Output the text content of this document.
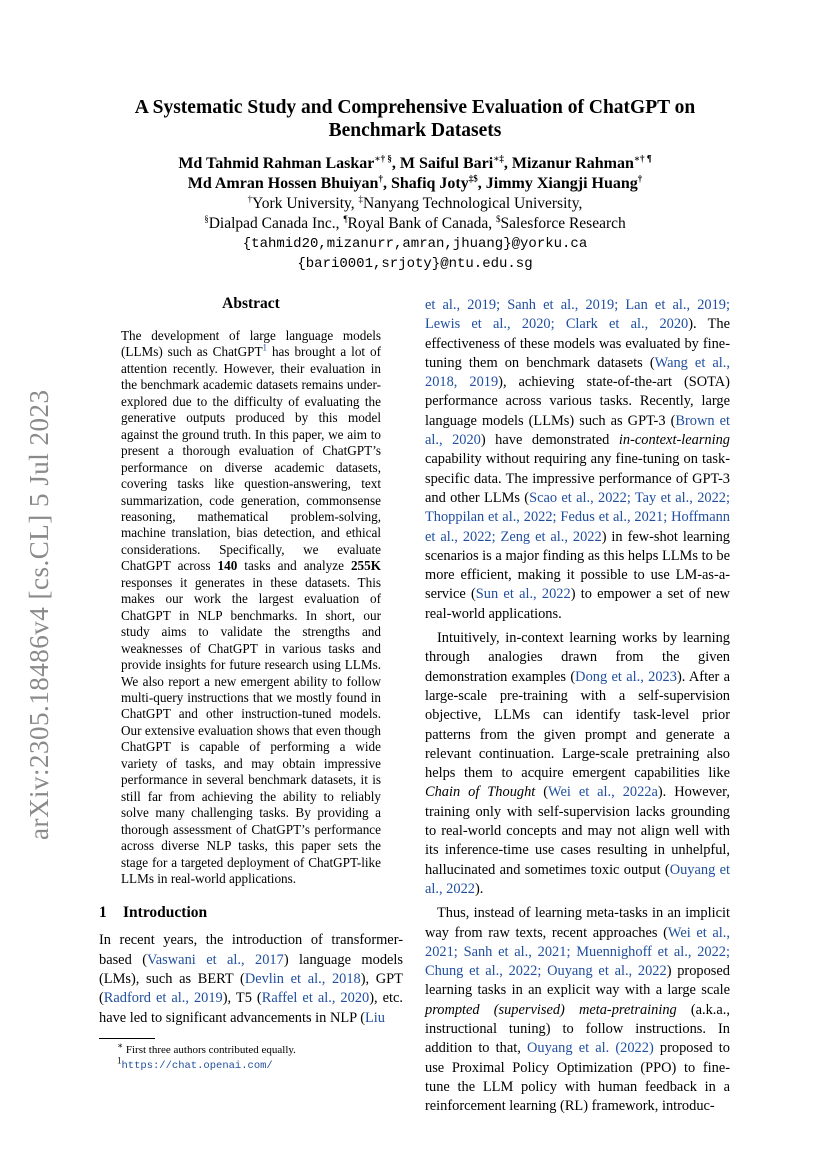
arXiv:2305.18486v4 [cs.CL] 5 Jul 2023
A Systematic Study and Comprehensive Evaluation of ChatGPT on
Benchmark Datasets
Md Tahmid Rahman Laskar∗† §, M Saiful Bari∗‡, Mizanur Rahman∗† ¶
Md Amran Hossen Bhuiyan†, Shafiq Joty‡$, Jimmy Xiangji Huang†
†York University, ‡Nanyang Technological University,
§Dialpad Canada Inc., ¶Royal Bank of Canada, $Salesforce Research
{tahmid20,mizanurr,amran,jhuang}@yorku.ca
{bari0001,srjoty}@ntu.edu.sg
Abstract

The development of large language models (LLMs) such as ChatGPT$^1$ has brought a lot of attention recently. However, their evaluation in the benchmark academic datasets remains under-explored due to the difficulty of evaluating the generative outputs produced by this model against the ground truth. In this paper, we aim to present a thorough evaluation of ChatGPT’s performance on diverse academic datasets, covering tasks like question-answering, text summarization, code generation, commonsense reasoning, mathematical problem-solving, machine translation, bias detection, and ethical considerations. Specifically, we evaluate ChatGPT across 140 tasks and analyze 255K responses it generates in these datasets. This makes our work the largest evaluation of ChatGPT in NLP benchmarks. In short, our study aims to validate the strengths and weaknesses of ChatGPT in various tasks and provide insights for future research using LLMs. We also report a new emergent ability to follow multi-query instructions that we mostly found in ChatGPT and other instruction-tuned models. Our extensive evaluation shows that even though ChatGPT is capable of performing a wide variety of tasks, and may obtain impressive performance in several benchmark datasets, it is still far from achieving the ability to reliably solve many challenging tasks. By providing a thorough assessment of ChatGPT’s performance across diverse NLP tasks, this paper sets the stage for a targeted deployment of ChatGPT-like LLMs in real-world applications.

1 Introduction

In recent years, the introduction of transformer-based (Vaswani et al., 2017) language models (LMs), such as BERT (Devlin et al., 2018), GPT (Radford et al., 2019), T5 (Raffel et al., 2020), etc. have led to significant advancements in NLP (Liu

∗ First three authors contributed equally.
$^1$https://chat.openai.com/

et al., 2019; Sanh et al., 2019; Lan et al., 2019; Lewis et al., 2020; Clark et al., 2020). The effectiveness of these models was evaluated by fine-tuning them on benchmark datasets (Wang et al., 2018, 2019), achieving state-of-the-art (SOTA) performance across various tasks. Recently, large language models (LLMs) such as GPT-3 (Brown et al., 2020) have demonstrated in-context-learning capability without requiring any fine-tuning on task-specific data. The impressive performance of GPT-3 and other LLMs (Scao et al., 2022; Tay et al., 2022; Thoppilan et al., 2022; Fedus et al., 2021; Hoffmann et al., 2022; Zeng et al., 2022) in few-shot learning scenarios is a major finding as this helps LLMs to be more efficient, making it possible to use LM-as-a-service (Sun et al., 2022) to empower a set of new real-world applications.

Intuitively, in-context learning works by learning through analogies drawn from the given demonstration examples (Dong et al., 2023). After a large-scale pre-training with a self-supervision objective, LLMs can identify task-level prior patterns from the given prompt and generate a relevant continuation. Large-scale pretraining also helps them to acquire emergent capabilities like Chain of Thought (Wei et al., 2022a). However, training only with self-supervision lacks grounding to real-world concepts and may not align well with its inference-time use cases resulting in unhelpful, hallucinated and sometimes toxic output (Ouyang et al., 2022).

Thus, instead of learning meta-tasks in an implicit way from raw texts, recent approaches (Wei et al., 2021; Sanh et al., 2021; Muennighoff et al., 2022; Chung et al., 2022; Ouyang et al., 2022) proposed learning tasks in an explicit way with a large scale prompted (supervised) meta-pretraining (a.k.a., instructional tuning) to follow instructions. In addition to that, Ouyang et al. (2022) proposed to use Proximal Policy Optimization (PPO) to fine-tune the LLM policy with human feedback in a reinforcement learning (RL) framework, introduc-
